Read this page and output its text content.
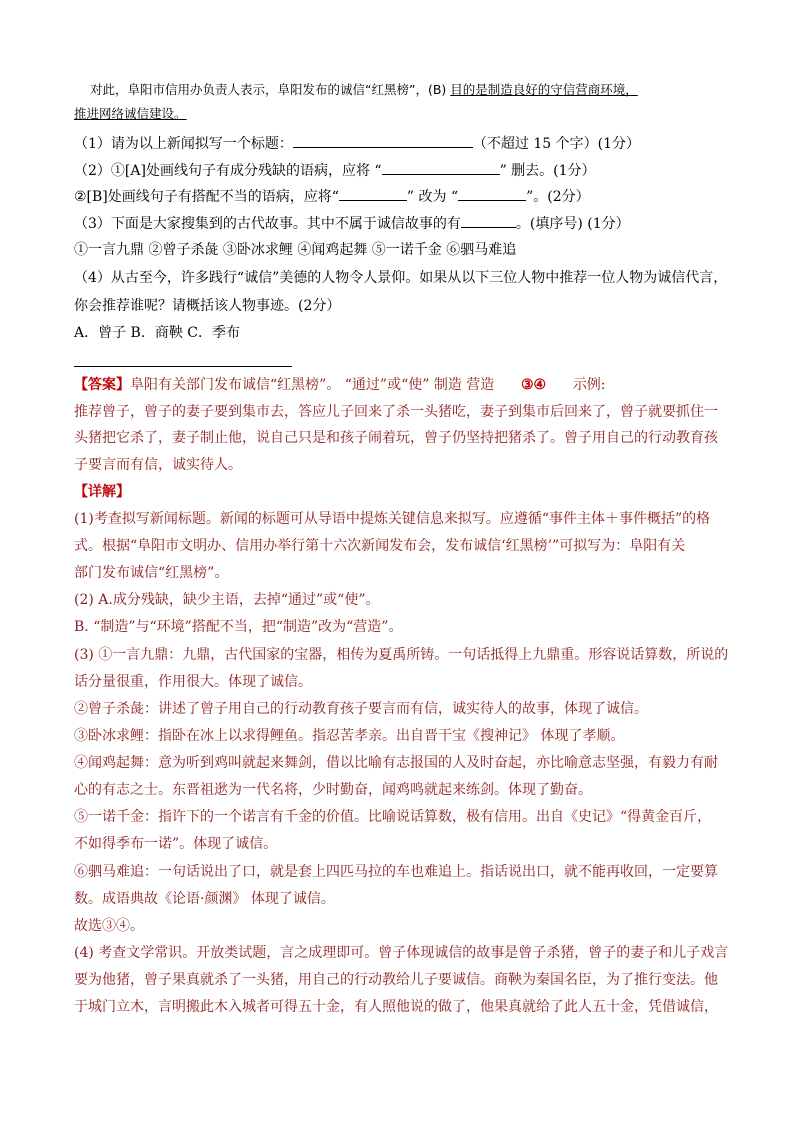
对此，阜阳市信用办负责人表示，阜阳发布的诚信“红黑榜”，(B) 目的是制造良好的守信营商环境，
推进网络诚信建设。
（1）请为以上新闻拟写一个标题：	（不超过 15 个字）(1分）
（2）①[A]处画线句子有成分残缺的语病，应将 “	” 删去。(1分）
②[B]处画线句子有搭配不当的语病，应将“	” 改为 “	”。(2分）
（3）下面是大家搜集到的古代故事。其中不属于诚信故事的有	。(填序号) (1分）
①一言九鼎 ②曾子杀彘 ③卧冰求鲤 ④闻鸡起舞 ⑤一诺千金 ⑥驷马难追
（4）从古至今，许多践行“诚信”美德的人物令人景仰。如果从以下三位人物中推荐一位人物为诚信代言，
你会推荐谁呢？请概括该人物事迹。(2分）
A．曾子 B．商鞅 C．季布
【答案】阜阳有关部门发布诚信“红黑榜”。 “通过”或“使” 制造 营造 ③④ 示例:
推荐曾子，曾子的妻子要到集市去，答应儿子回来了杀一头猪吃，妻子到集市后回来了，曾子就要抓住一
头猪把它杀了，妻子制止他，说自己只是和孩子闹着玩，曾子仍坚持把猪杀了。曾子用自己的行动教育孩
子要言而有信，诚实待人。
【详解】
(1)考查拟写新闻标题。新闻的标题可从导语中提炼关键信息来拟写。应遵循“事件主体＋事件概括”的格
式。根据“阜阳市文明办、信用办举行第十六次新闻发布会，发布诚信‘红黑榜’”可拟写为：阜阳有关
部门发布诚信“红黑榜”。
(2) A.成分残缺，缺少主语，去掉“通过”或“使”。
B. “制造”与“环境”搭配不当，把“制造”改为“营造”。
(3) ①一言九鼎：九鼎，古代国家的宝器，相传为夏禹所铸。一句话抵得上九鼎重。形容说话算数，所说的
话分量很重，作用很大。体现了诚信。
②曾子杀彘：讲述了曾子用自己的行动教育孩子要言而有信，诚实待人的故事，体现了诚信。
③卧冰求鲤：指卧在冰上以求得鲤鱼。指忍苦孝亲。出自晋干宝《搜神记》 体现了孝顺。
④闻鸡起舞：意为听到鸡叫就起来舞剑，借以比喻有志报国的人及时奋起，亦比喻意志坚强，有毅力有耐
心的有志之士。东晋祖逖为一代名将，少时勤奋，闻鸡鸣就起来练剑。体现了勤奋。
⑤一诺千金：指许下的一个诺言有千金的价值。比喻说话算数，极有信用。出自《史记》“得黄金百斤，
不如得季布一诺”。体现了诚信。
⑥驷马难追：一句话说出了口，就是套上四匹马拉的车也难追上。指话说出口，就不能再收回，一定要算
数。成语典故《论语·颜渊》 体现了诚信。
故选③④。
(4) 考查文学常识。开放类试题，言之成理即可。曾子体现诚信的故事是曾子杀猪，曾子的妻子和儿子戏言
要为他猪，曾子果真就杀了一头猪，用自己的行动教给儿子要诚信。商鞅为秦国名臣，为了推行变法。他
于城门立木，言明搬此木入城者可得五十金，有人照他说的做了，他果真就给了此人五十金，凭借诚信，
